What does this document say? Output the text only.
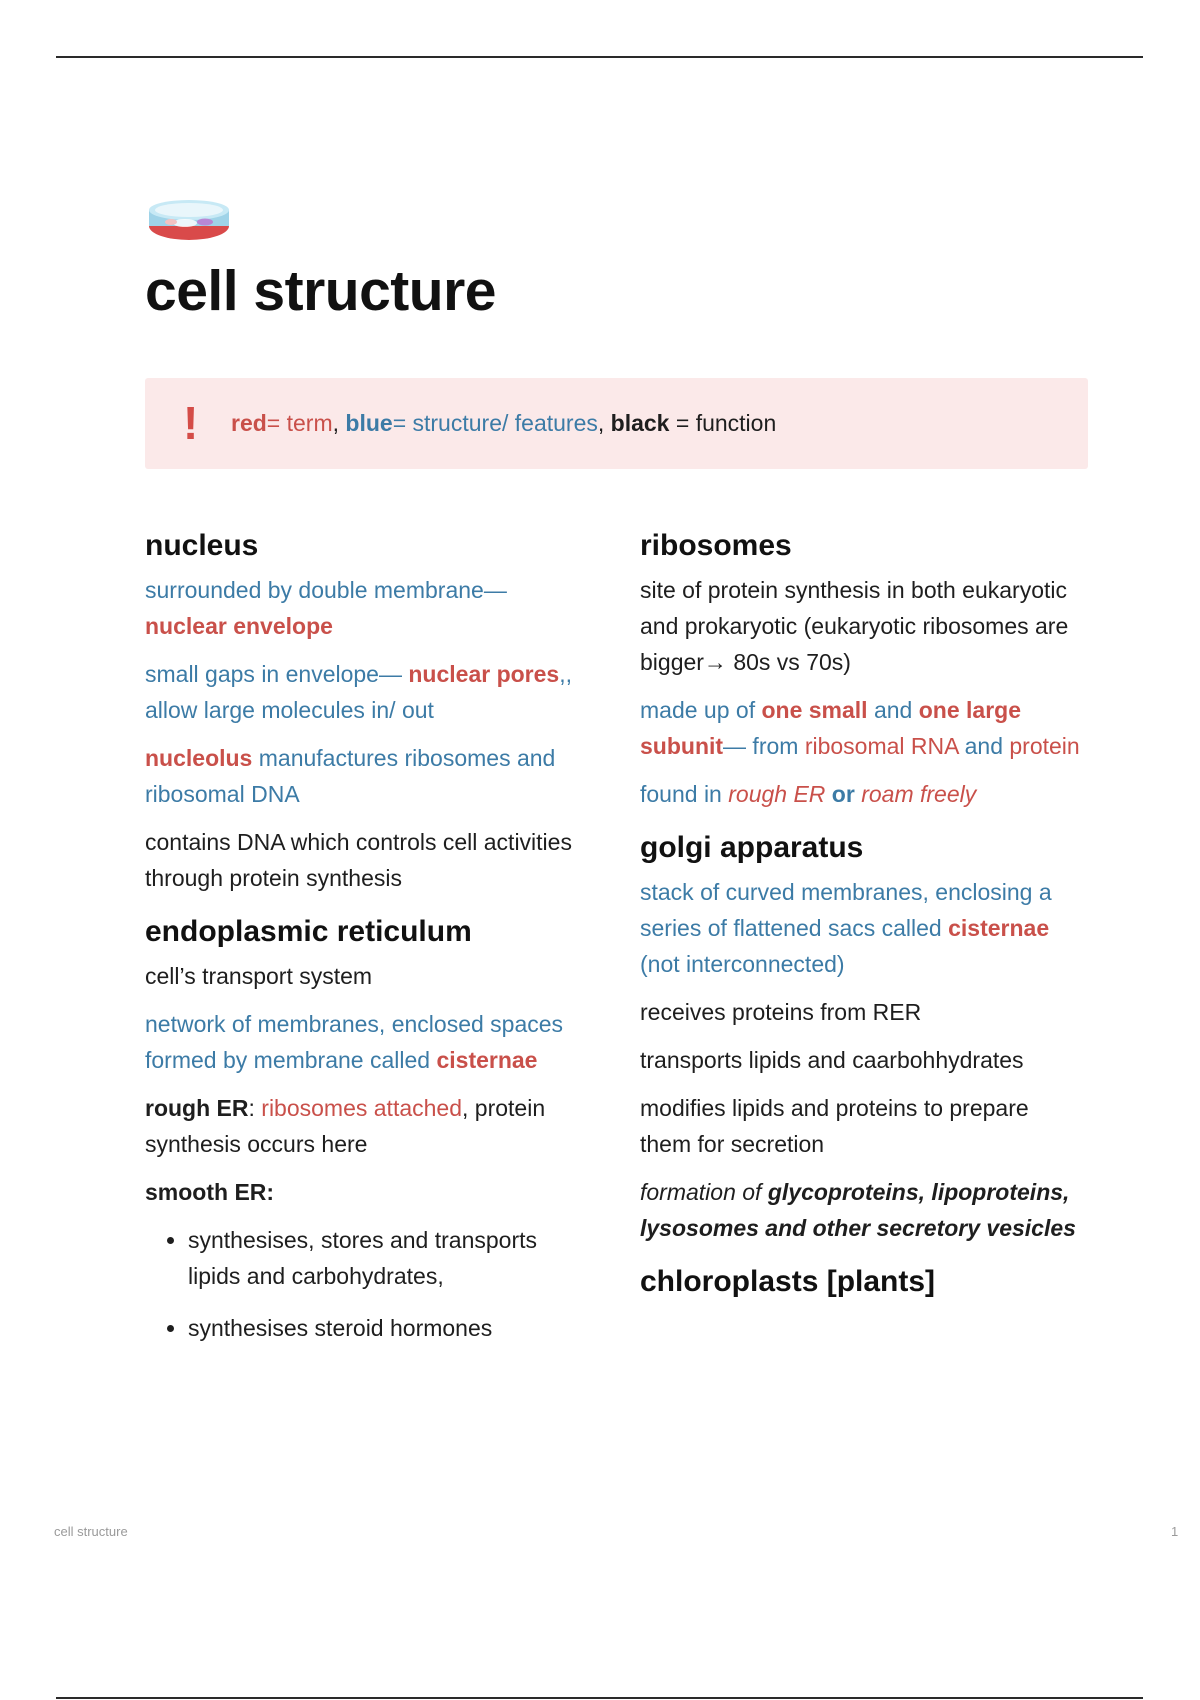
cell structure
! red= term, blue= structure/ features, black = function
nucleus

surrounded by double membrane—nuclear envelope

small gaps in envelope— nuclear pores,, allow large molecules in/ out

nucleolus manufactures ribosomes and ribosomal DNA

contains DNA which controls cell activities through protein synthesis

endoplasmic reticulum

cell’s transport system

network of membranes, enclosed spaces formed by membrane called cisternae

rough ER: ribosomes attached, protein synthesis occurs here

smooth ER:

• synthesises, stores and transports lipids and carbohydrates,
• synthesises steroid hormones
ribosomes

site of protein synthesis in both eukaryotic and prokaryotic (eukaryotic ribosomes are bigger→ 80s vs 70s)

made up of one small and one large subunit— from ribosomal RNA and protein

found in rough ER or roam freely

golgi apparatus

stack of curved membranes, enclosing a series of flattened sacs called cisternae (not interconnected)

receives proteins from RER

transports lipids and caarbohhydrates

modifies lipids and proteins to prepare them for secretion

formation of glycoproteins, lipoproteins, lysosomes and other secretory vesicles

chloroplasts [plants]
cell structure	1
